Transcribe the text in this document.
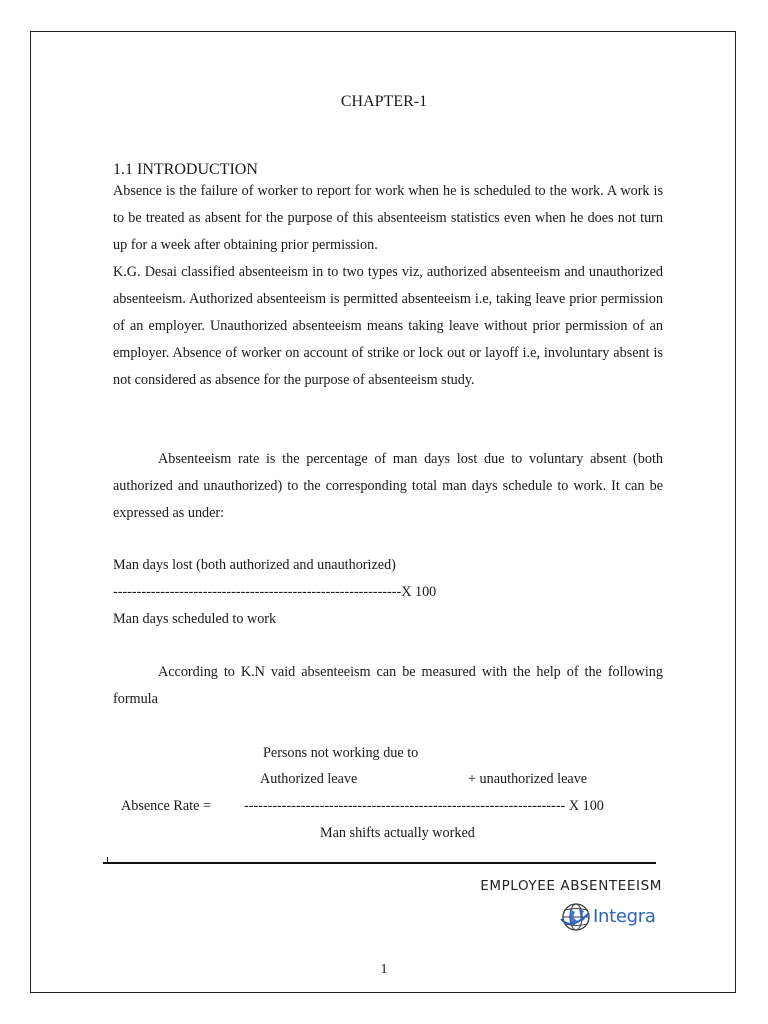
CHAPTER-1
1.1 INTRODUCTION

Absence is the failure of worker to report for work when he is scheduled to the work. A work is to be treated as absent for the purpose of this absenteeism statistics even when he does not turn up for a week after obtaining prior permission.

K.G. Desai classified absenteeism in to two types viz, authorized absenteeism and unauthorized absenteeism. Authorized absenteeism is permitted absenteeism i.e, taking leave prior permission of an employer. Unauthorized absenteeism means taking leave without prior permission of an employer. Absence of worker on account of strike or lock out or layoff i.e, involuntary absent is not considered as absence for the purpose of absenteeism study.

Absenteeism rate is the percentage of man days lost due to voluntary absent (both authorized and unauthorized) to the corresponding total man days schedule to work. It can be expressed as under:

Man days lost (both authorized and unauthorized)
-------------------------------------------------------------X 100
Man days scheduled to work

According to K.N vaid absenteeism can be measured with the help of the following formula

Persons not working due to
Authorized leave	+ unauthorized leave
Absence Rate = -------------------------------------------------------------------- X 100
Man shifts actually worked
EMPLOYEE ABSENTEEISM
Integra
1
